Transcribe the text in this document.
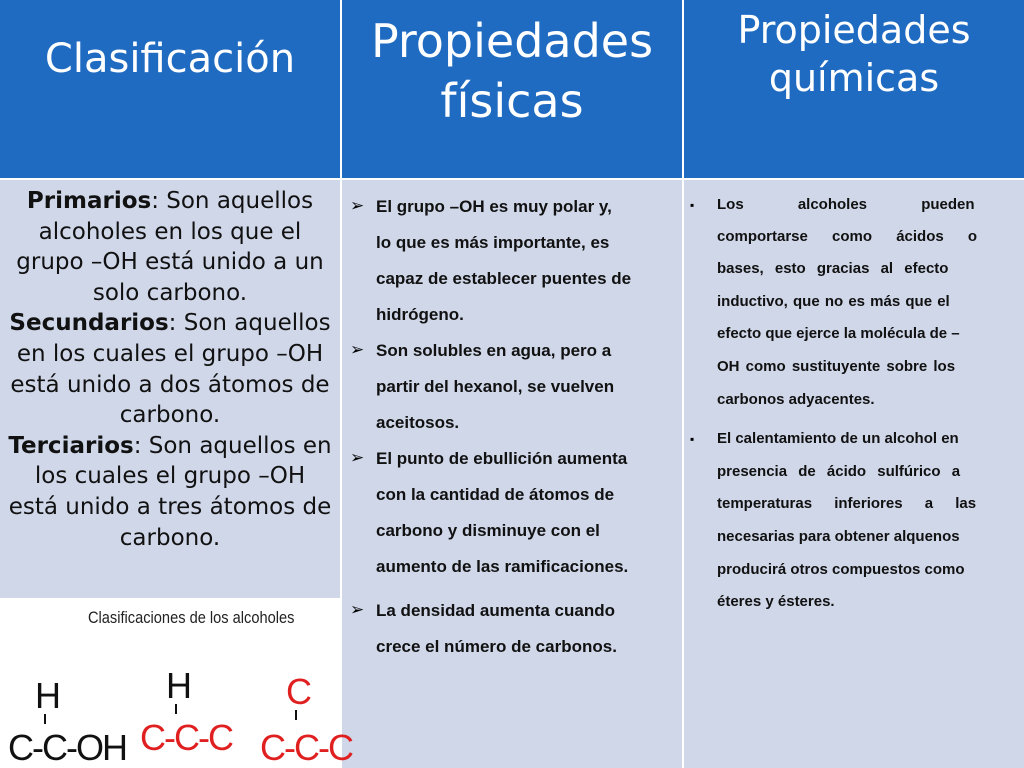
Clasificación	Propiedades
físicas
Propiedades
químicas
Primarios: Son aquellos
alcoholes en los que el
grupo –OH está unido a un
solo carbono.
Secundarios: Son aquellos
en los cuales el grupo –OH
está unido a dos átomos de
carbono.
Terciarios: Son aquellos en
los cuales el grupo –OH
está unido a tres átomos de
carbono.
Clasificaciones de los alcoholes
H
C-C-OH
H
C-C-C
C
C-C-C
➢ El grupo –OH es muy polar y,
lo que es más importante, es
capaz de establecer puentes de
hidrógeno.
➢ Son solubles en agua, pero a
partir del hexanol, se vuelven
aceitosos.
➢ El punto de ebullición aumenta
con la cantidad de átomos de
carbono y disminuye con el
aumento de las ramificaciones.
➢ La densidad aumenta cuando
crece el número de carbonos.
▪ Los alcoholes pueden
comportarse como ácidos o
bases, esto gracias al efecto
inductivo, que no es más que el
efecto que ejerce la molécula de –
OH como sustituyente sobre los
carbonos adyacentes.
▪ El calentamiento de un alcohol en
presencia de ácido sulfúrico a
temperaturas inferiores a las
necesarias para obtener alquenos
producirá otros compuestos como
éteres y ésteres.
